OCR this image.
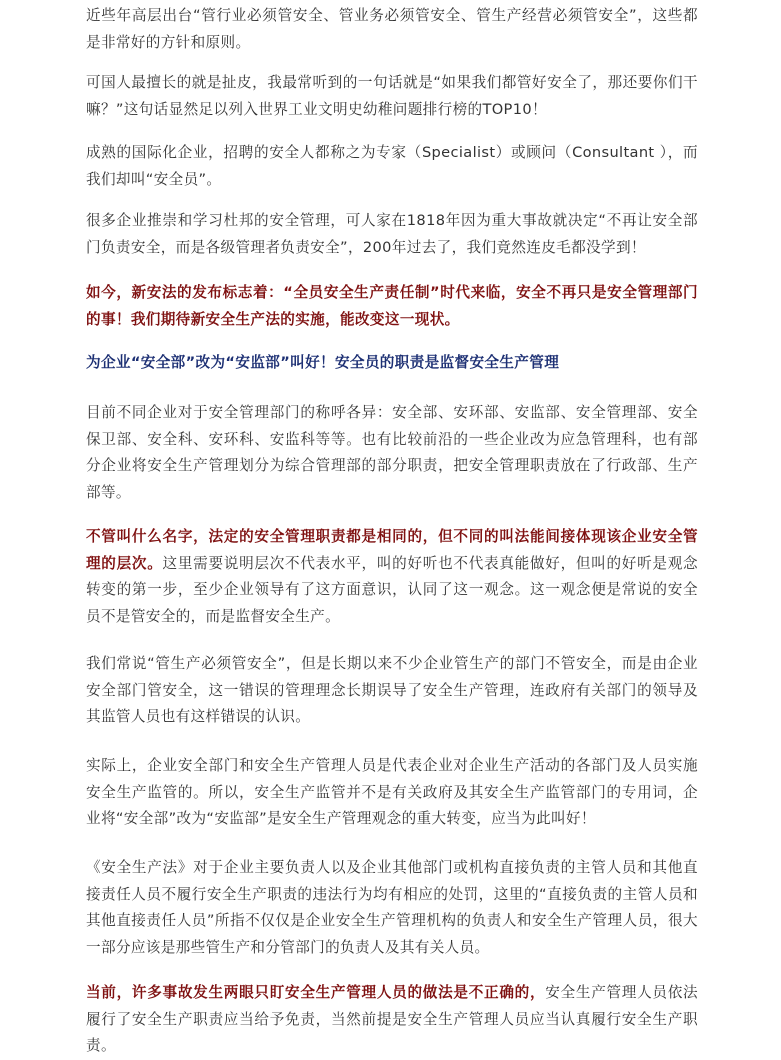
近些年高层出台“管行业必须管安全、管业务必须管安全、管生产经营必须管安全”，这些都是非常好的方针和原则。

可国人最擅长的就是扯皮，我最常听到的一句话就是“如果我们都管好安全了，那还要你们干嘛？”这句话显然足以列入世界工业文明史幼稚问题排行榜的TOP10！

成熟的国际化企业，招聘的安全人都称之为专家（Specialist）或顾问（Consultant ），而我们却叫“安全员”。

很多企业推崇和学习杜邦的安全管理，可人家在1818年因为重大事故就决定“不再让安全部门负责安全，而是各级管理者负责安全”，200年过去了，我们竟然连皮毛都没学到！

如今，新安法的发布标志着：“全员安全生产责任制”时代来临，安全不再只是安全管理部门的事！我们期待新安全生产法的实施，能改变这一现状。

为企业“安全部”改为“安监部”叫好！安全员的职责是监督安全生产管理

目前不同企业对于安全管理部门的称呼各异：安全部、安环部、安监部、安全管理部、安全保卫部、安全科、安环科、安监科等等。也有比较前沿的一些企业改为应急管理科，也有部分企业将安全生产管理划分为综合管理部的部分职责，把安全管理职责放在了行政部、生产部等。

不管叫什么名字，法定的安全管理职责都是相同的，但不同的叫法能间接体现该企业安全管理的层次。这里需要说明层次不代表水平，叫的好听也不代表真能做好，但叫的好听是观念转变的第一步，至少企业领导有了这方面意识，认同了这一观念。这一观念便是常说的安全员不是管安全的，而是监督安全生产。

我们常说“管生产必须管安全”，但是长期以来不少企业管生产的部门不管安全，而是由企业安全部门管安全，这一错误的管理理念长期误导了安全生产管理，连政府有关部门的领导及其监管人员也有这样错误的认识。

实际上，企业安全部门和安全生产管理人员是代表企业对企业生产活动的各部门及人员实施安全生产监管的。所以，安全生产监管并不是有关政府及其安全生产监管部门的专用词，企业将“安全部”改为“安监部”是安全生产管理观念的重大转变，应当为此叫好！

《安全生产法》对于企业主要负责人以及企业其他部门或机构直接负责的主管人员和其他直接责任人员不履行安全生产职责的违法行为均有相应的处罚，这里的“直接负责的主管人员和其他直接责任人员”所指不仅仅是企业安全生产管理机构的负责人和安全生产管理人员，很大一部分应该是那些管生产和分管部门的负责人及其有关人员。

当前，许多事故发生两眼只盯安全生产管理人员的做法是不正确的，安全生产管理人员依法履行了安全生产职责应当给予免责，当然前提是安全生产管理人员应当认真履行安全生产职责。
